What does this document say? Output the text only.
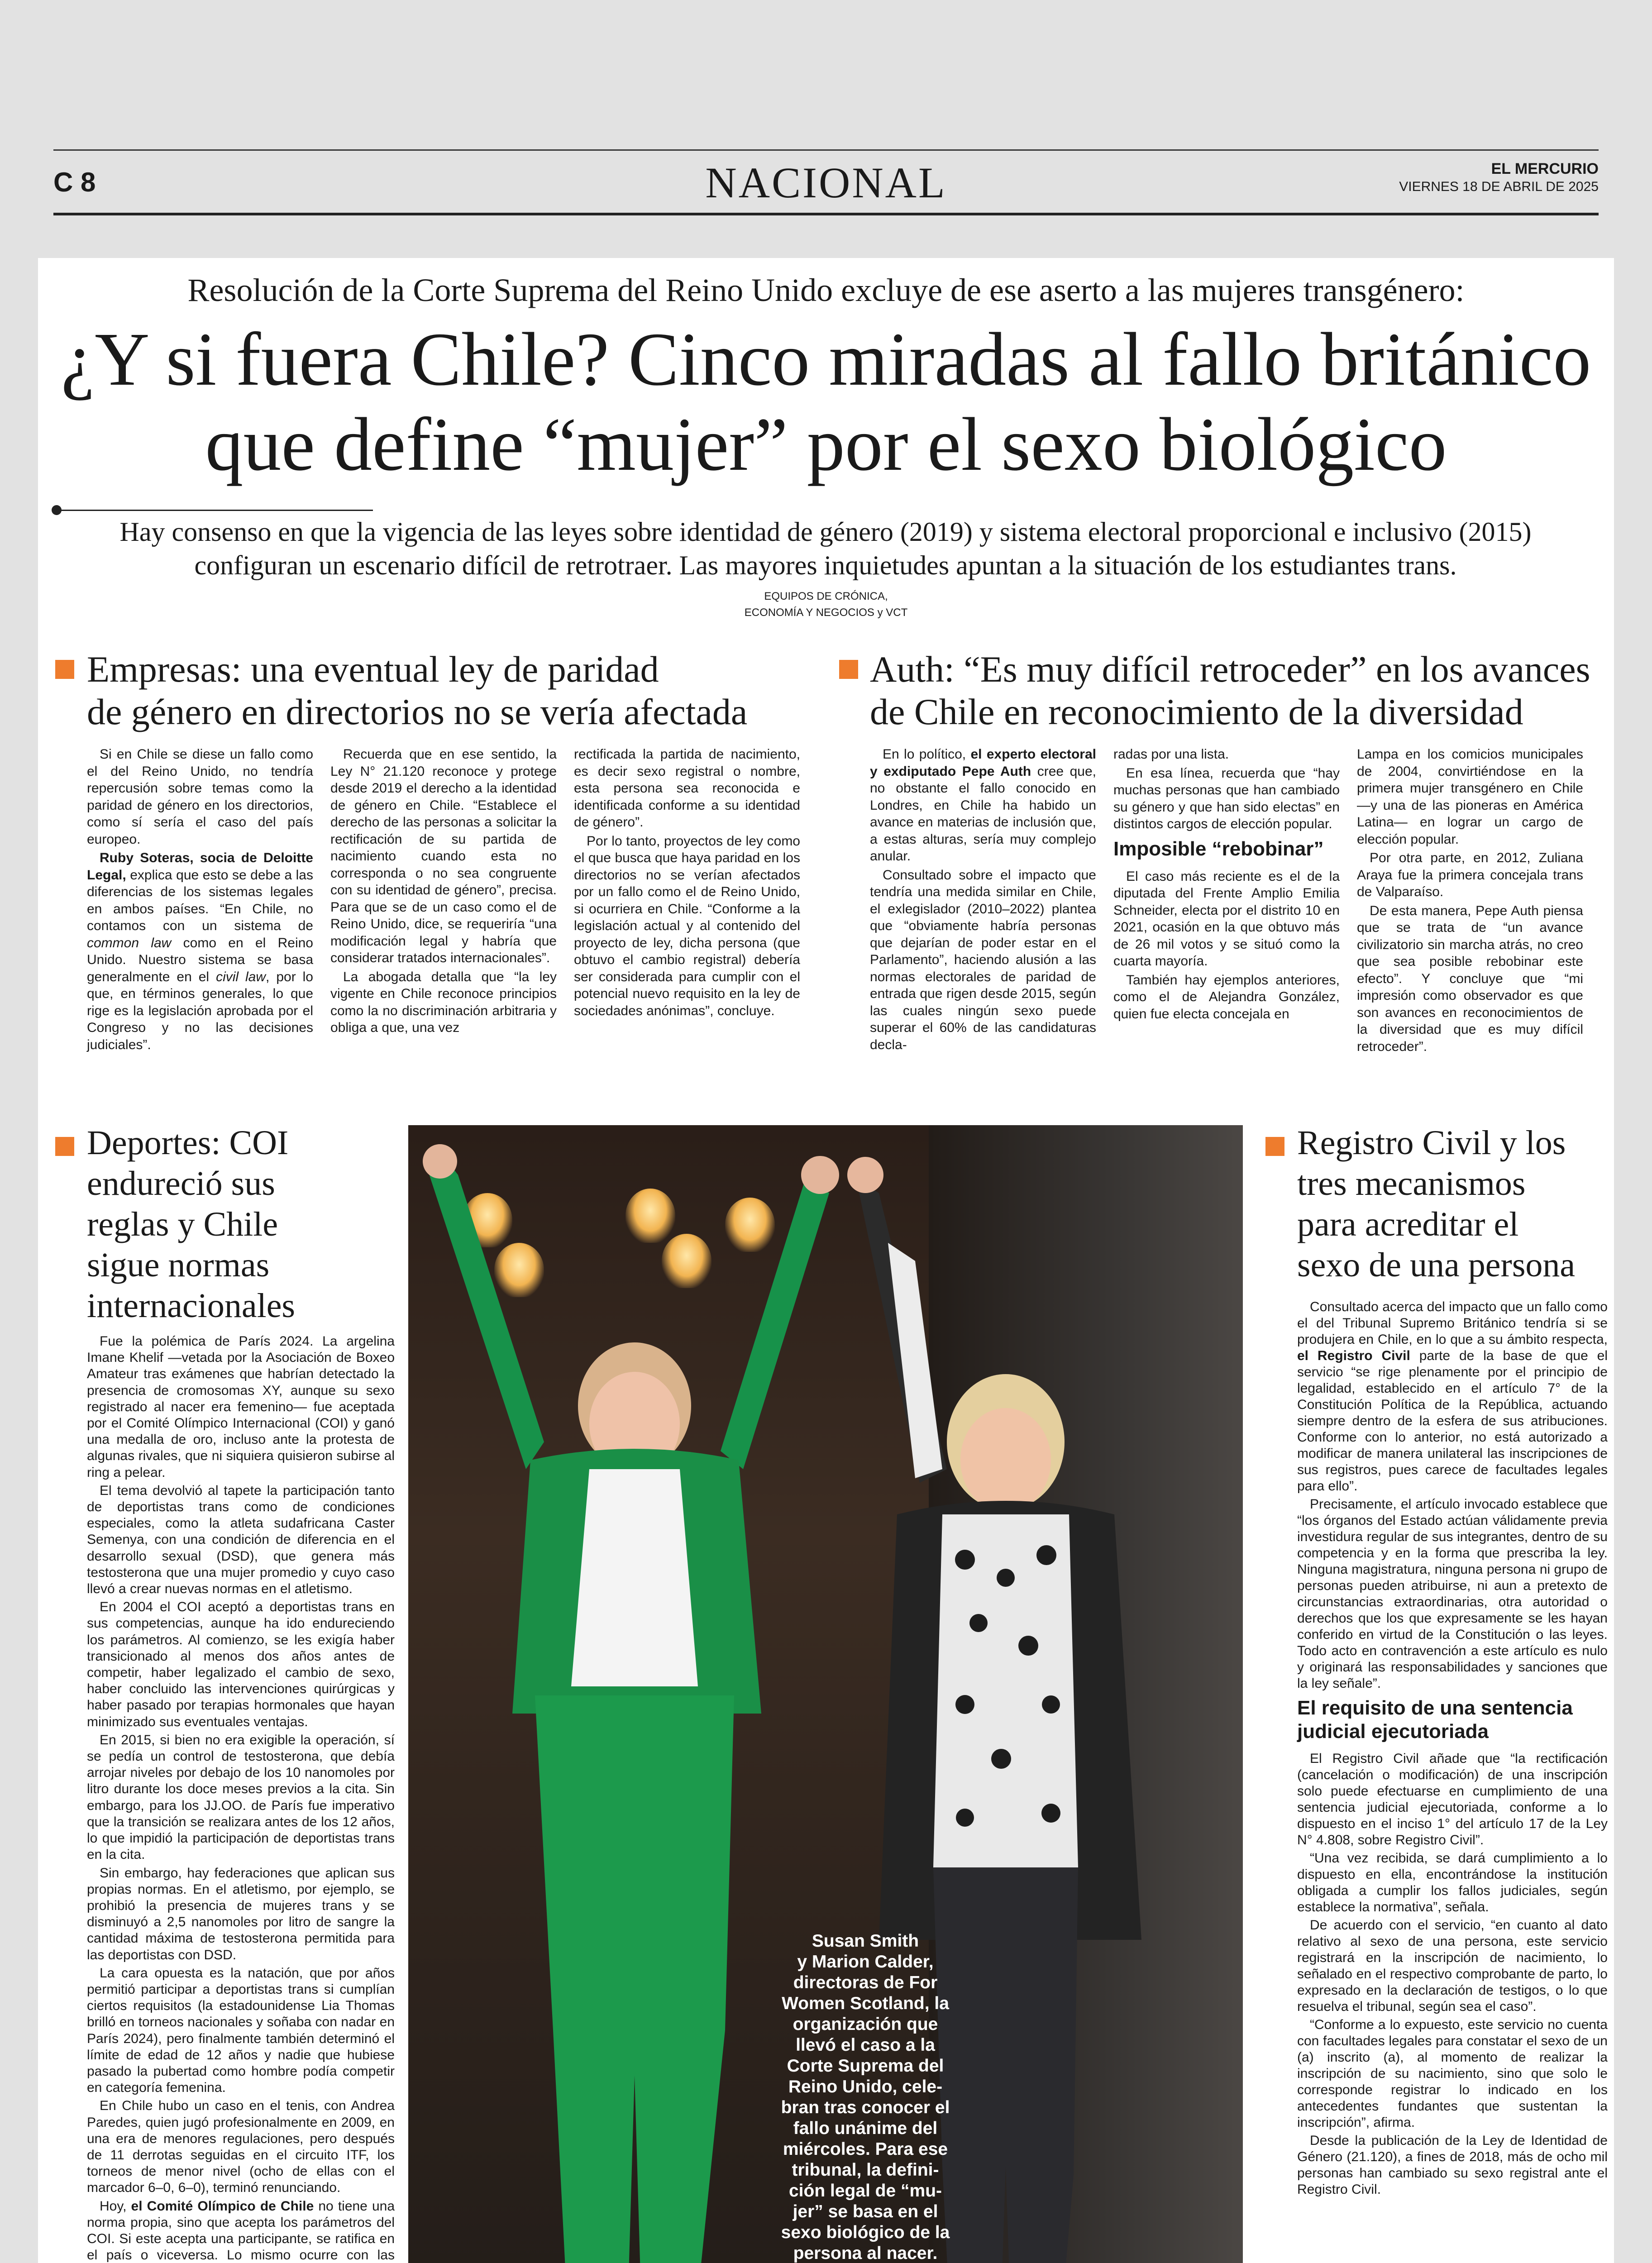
C 8	NACIONAL	EL MERCURIO
VIERNES 18 DE ABRIL DE 2025
Resolución de la Corte Suprema del Reino Unido excluye de ese aserto a las mujeres transgénero:
¿Y si fuera Chile? Cinco miradas al fallo británico
que define “mujer” por el sexo biológico
Hay consenso en que la vigencia de las leyes sobre identidad de género (2019) y sistema electoral proporcional e inclusivo (2015)
configuran un escenario difícil de retrotraer. Las mayores inquietudes apuntan a la situación de los estudiantes trans.
EQUIPOS DE CRÓNICA,
ECONOMÍA Y NEGOCIOS y VCT
Empresas: una eventual ley de paridad
de género en directorios no se vería afectada

Si en Chile se diese un fallo como el del Reino Unido, no tendría repercusión sobre temas como la paridad de género en los directorios, como sí sería el caso del país europeo.

Ruby Soteras, socia de Deloitte Legal, explica que esto se debe a las diferencias de los sistemas legales en ambos países. “En Chile, no contamos con un sistema de common law como en el Reino Unido. Nuestro sistema se basa generalmente en el civil law, por lo que, en términos generales, lo que rige es la legislación aprobada por el Congreso y no las decisiones judiciales”.

Recuerda que en ese sentido, la Ley N° 21.120 reconoce y protege desde 2019 el derecho a la identidad de género en Chile. “Establece el derecho de las personas a solicitar la rectificación de su partida de nacimiento cuando esta no corresponda o no sea congruente con su identidad de género”, precisa. Para que se de un caso como el de Reino Unido, dice, se requeriría “una modificación legal y habría que considerar tratados internacionales”.

La abogada detalla que “la ley vigente en Chile reconoce principios como la no discriminación arbitraria y obliga a que, una vez

rectificada la partida de nacimiento, es decir sexo registral o nombre, esta persona sea reconocida e identificada conforme a su identidad de género”.

Por lo tanto, proyectos de ley como el que busca que haya paridad en los directorios no se verían afectados por un fallo como el de Reino Unido, si ocurriera en Chile. “Conforme a la legislación actual y al contenido del proyecto de ley, dicha persona (que obtuvo el cambio registral) debería ser considerada para cumplir con el potencial nuevo requisito en la ley de sociedades anónimas”, concluye.

Auth: “Es muy difícil retroceder” en los avances
de Chile en reconocimiento de la diversidad

En lo político, el experto electoral y exdiputado Pepe Auth cree que, no obstante el fallo conocido en Londres, en Chile ha habido un avance en materias de inclusión que, a estas alturas, sería muy complejo anular.

Consultado sobre el impacto que tendría una medida similar en Chile, el exlegislador (2010–2022) plantea que “obviamente habría personas que dejarían de poder estar en el Parlamento”, haciendo alusión a las normas electorales de paridad de entrada que rigen desde 2015, según las cuales ningún sexo puede superar el 60% de las candidaturas decla-

radas por una lista.

En esa línea, recuerda que “hay muchas personas que han cambiado su género y que han sido electas” en distintos cargos de elección popular.

Imposible “rebobinar”

El caso más reciente es el de la diputada del Frente Amplio Emilia Schneider, electa por el distrito 10 en 2021, ocasión en la que obtuvo más de 26 mil votos y se situó como la cuarta mayoría.

También hay ejemplos anteriores, como el de Alejandra González, quien fue electa concejala en

Lampa en los comicios municipales de 2004, convirtiéndose en la primera mujer transgénero en Chile —y una de las pioneras en América Latina— en lograr un cargo de elección popular.

Por otra parte, en 2012, Zuliana Araya fue la primera concejala trans de Valparaíso.

De esta manera, Pepe Auth piensa que se trata de “un avance civilizatorio sin marcha atrás, no creo que sea posible rebobinar este efecto”. Y concluye que “mi impresión como observador es que son avances en reconocimientos de la diversidad que es muy difícil retroceder”.

Deportes: COI
endureció sus
reglas y Chile
sigue normas
internacionales

Fue la polémica de París 2024. La argelina Imane Khelif —vetada por la Asociación de Boxeo Amateur tras exámenes que habrían detectado la presencia de cromosomas XY, aunque su sexo registrado al nacer era femenino— fue aceptada por el Comité Olímpico Internacional (COI) y ganó una medalla de oro, incluso ante la protesta de algunas rivales, que ni siquiera quisieron subirse al ring a pelear.

El tema devolvió al tapete la participación tanto de deportistas trans como de condiciones especiales, como la atleta sudafricana Caster Semenya, con una condición de diferencia en el desarrollo sexual (DSD), que genera más testosterona que una mujer promedio y cuyo caso llevó a crear nuevas normas en el atletismo.

En 2004 el COI aceptó a deportistas trans en sus competencias, aunque ha ido endureciendo los parámetros. Al comienzo, se les exigía haber transicionado al menos dos años antes de competir, haber legalizado el cambio de sexo, haber concluido las intervenciones quirúrgicas y haber pasado por terapias hormonales que hayan minimizado sus eventuales ventajas.

En 2015, si bien no era exigible la operación, sí se pedía un control de testosterona, que debía arrojar niveles por debajo de los 10 nanomoles por litro durante los doce meses previos a la cita. Sin embargo, para los JJ.OO. de París fue imperativo que la transición se realizara antes de los 12 años, lo que impidió la participación de deportistas trans en la cita.

Sin embargo, hay federaciones que aplican sus propias normas. En el atletismo, por ejemplo, se prohibió la presencia de mujeres trans y se disminuyó a 2,5 nanomoles por litro de sangre la cantidad máxima de testosterona permitida para las deportistas con DSD.

La cara opuesta es la natación, que por años permitió participar a deportistas trans si cumplían ciertos requisitos (la estadounidense Lia Thomas brilló en torneos nacionales y soñaba con nadar en París 2024), pero finalmente también determinó el límite de edad de 12 años y nadie que hubiese pasado la pubertad como hombre podía competir en categoría femenina.

En Chile hubo un caso en el tenis, con Andrea Paredes, quien jugó profesionalmente en 2009, en una era de menores regulaciones, pero después de 11 derrotas seguidas en el circuito ITF, los torneos de menor nivel (ocho de ellas con el marcador 6–0, 6–0), terminó renunciando.

Hoy, el Comité Olímpico de Chile no tiene una norma propia, sino que acepta los parámetros del COI. Si este acepta una participante, se ratifica en el país o viceversa. Lo mismo ocurre con las

Susan Smith
y Marion Calder,
directoras de For
Women Scotland, la
organización que
llevó el caso a la
Corte Suprema del
Reino Unido, cele-
bran tras conocer el
fallo unánime del
miércoles. Para ese
tribunal, la defini-
ción legal de “mu-
jer” se basa en el
sexo biológico de la
persona al nacer.
Registro Civil y los
tres mecanismos
para acreditar el
sexo de una persona

Consultado acerca del impacto que un fallo como el del Tribunal Supremo Británico tendría si se produjera en Chile, en lo que a su ámbito respecta, el Registro Civil parte de la base de que el servicio “se rige plenamente por el principio de legalidad, establecido en el artículo 7° de la Constitución Política de la República, actuando siempre dentro de la esfera de sus atribuciones. Conforme con lo anterior, no está autorizado a modificar de manera unilateral las inscripciones de sus registros, pues carece de facultades legales para ello”.

Precisamente, el artículo invocado establece que “los órganos del Estado actúan válidamente previa investidura regular de sus integrantes, dentro de su competencia y en la forma que prescriba la ley. Ninguna magistratura, ninguna persona ni grupo de personas pueden atribuirse, ni aun a pretexto de circunstancias extraordinarias, otra autoridad o derechos que los que expresamente se les hayan conferido en virtud de la Constitución o las leyes. Todo acto en contravención a este artículo es nulo y originará las responsabilidades y sanciones que la ley señale”.

El requisito de una sentencia judicial ejecutoriada

El Registro Civil añade que “la rectificación (cancelación o modificación) de una inscripción solo puede efectuarse en cumplimiento de una sentencia judicial ejecutoriada, conforme a lo dispuesto en el inciso 1° del artículo 17 de la Ley N° 4.808, sobre Registro Civil”.

“Una vez recibida, se dará cumplimiento a lo dispuesto en ella, encontrándose la institución obligada a cumplir los fallos judiciales, según establece la normativa”, señala.

De acuerdo con el servicio, “en cuanto al dato relativo al sexo de una persona, este servicio registrará en la inscripción de nacimiento, lo señalado en el respectivo comprobante de parto, lo expresado en la declaración de testigos, o lo que resuelva el tribunal, según sea el caso”.

“Conforme a lo expuesto, este servicio no cuenta con facultades legales para constatar el sexo de un (a) inscrito (a), al momento de realizar la inscripción de su nacimiento, sino que solo le corresponde registrar lo indicado en los antecedentes fundantes que sustentan la inscripción”, afirma.

Desde la publicación de la Ley de Identidad de Género (21.120), a fines de 2018, más de ocho mil personas han cambiado su sexo registral ante el Registro Civil.
